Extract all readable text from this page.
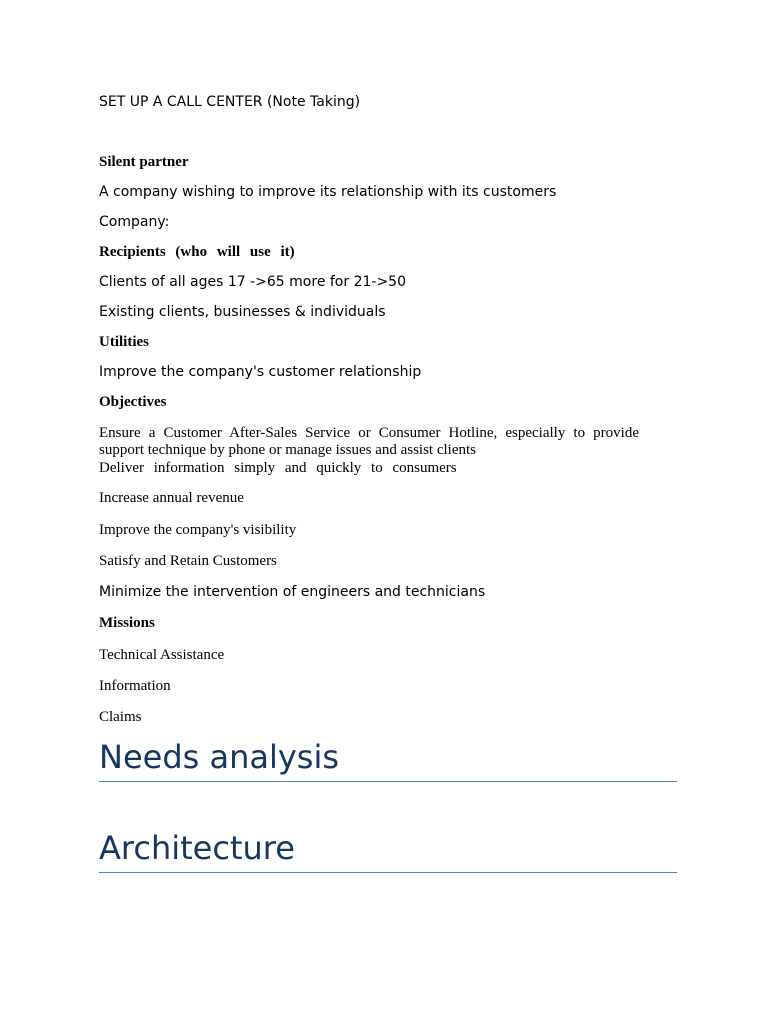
SET UP A CALL CENTER (Note Taking)

Silent partner

A company wishing to improve its relationship with its customers

Company:

Recipients (who will use it)

Clients of all ages 17 ->65 more for 21->50

Existing clients, businesses & individuals

Utilities

Improve the company's customer relationship

Objectives

Ensure a Customer After-Sales Service or Consumer Hotline, especially to provide support technique by phone or manage issues and assist clients

Deliver information simply and quickly to consumers

Increase annual revenue

Improve the company's visibility

Satisfy and Retain Customers

Minimize the intervention of engineers and technicians

Missions

Technical Assistance

Information

Claims

Needs analysis
Architecture
